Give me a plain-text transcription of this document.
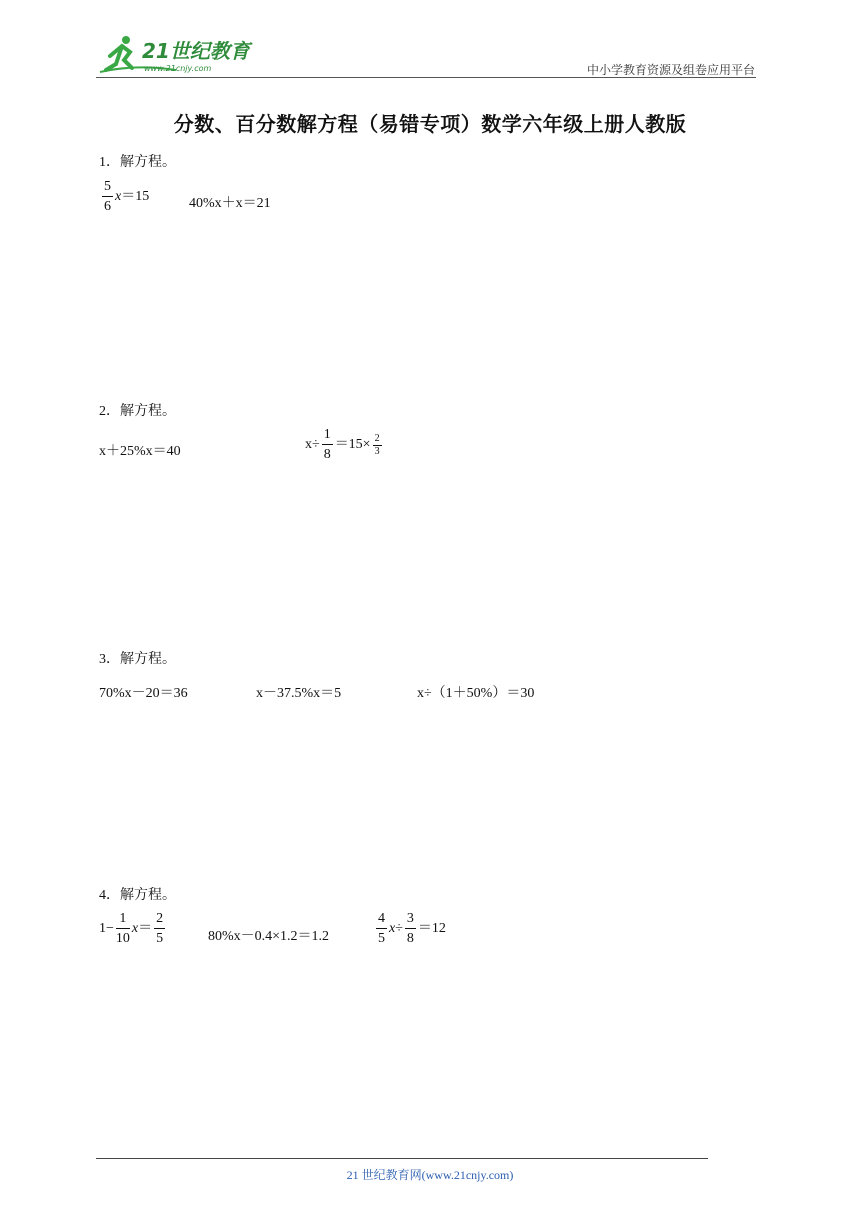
21世纪教育
www.21cnjy.com	中小学教育资源及组卷应用平台
分数、百分数解方程（易错专项）数学六年级上册人教版
1．解方程。
$\frac{5}{6} x=15$	40%x＋x＝21
2．解方程。
x＋25%x＝40	$x\div \frac{1}{8} =15\times \frac{2}{3}$
3．解方程。
70%x－20＝36	x－37.5%x＝5	x÷（1＋50%）＝30
4．解方程。
$1- \frac{1}{10} x= \frac{2}{5}$	80%x－0.4×1.2＝1.2	$\frac{4}{5} x\div \frac{3}{8} =12$
21 世纪教育网(www.21cnjy.com)
